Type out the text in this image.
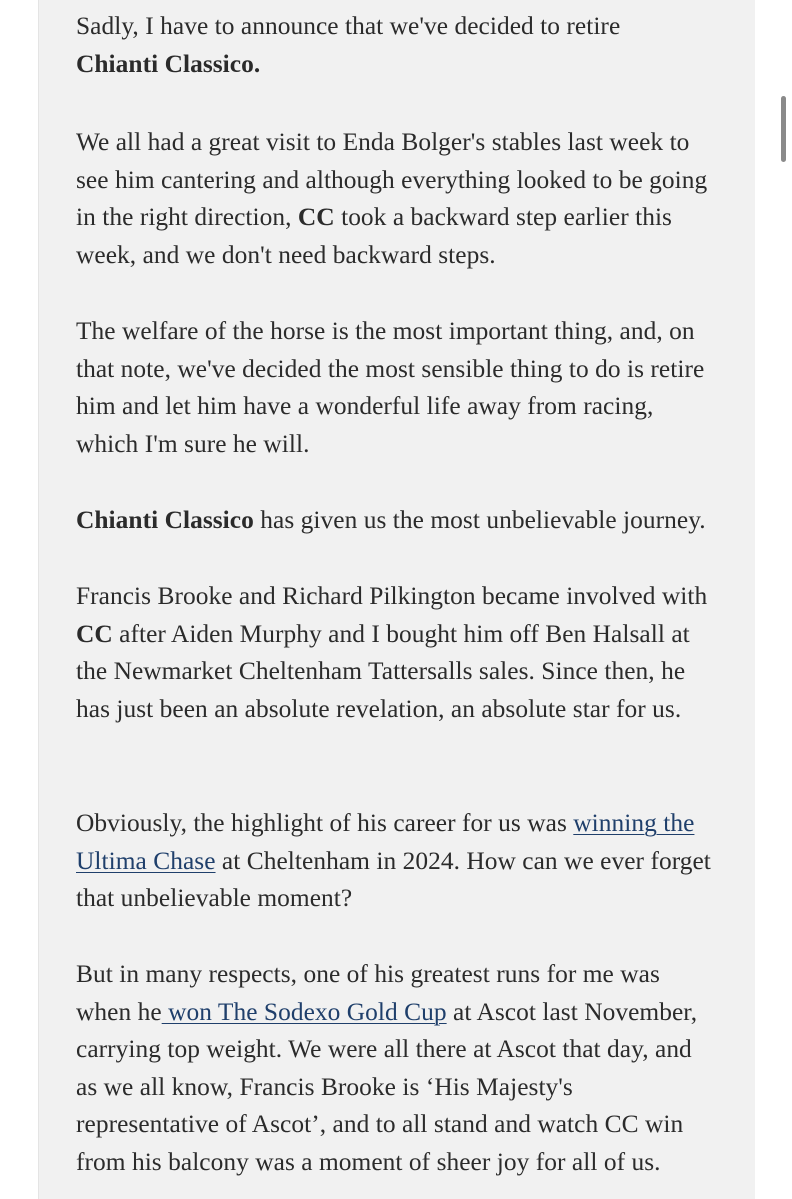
Sadly, I have to announce that we've decided to retire
Chianti Classico.

We all had a great visit to Enda Bolger's stables last week to see him cantering and although everything looked to be going in the right direction, CC took a backward step earlier this week, and we don't need backward steps.

The welfare of the horse is the most important thing, and, on that note, we've decided the most sensible thing to do is retire him and let him have a wonderful life away from racing, which I'm sure he will.

Chianti Classico has given us the most unbelievable journey.

Francis Brooke and Richard Pilkington became involved with CC after Aiden Murphy and I bought him off Ben Halsall at the Newmarket Cheltenham Tattersalls sales. Since then, he has just been an absolute revelation, an absolute star for us.

Obviously, the highlight of his career for us was winning the Ultima Chase at Cheltenham in 2024. How can we ever forget that unbelievable moment?

But in many respects, one of his greatest runs for me was when he won The Sodexo Gold Cup at Ascot last November, carrying top weight. We were all there at Ascot that day, and as we all know, Francis Brooke is ‘His Majesty's representative of Ascot’, and to all stand and watch CC win from his balcony was a moment of sheer joy for all of us.
